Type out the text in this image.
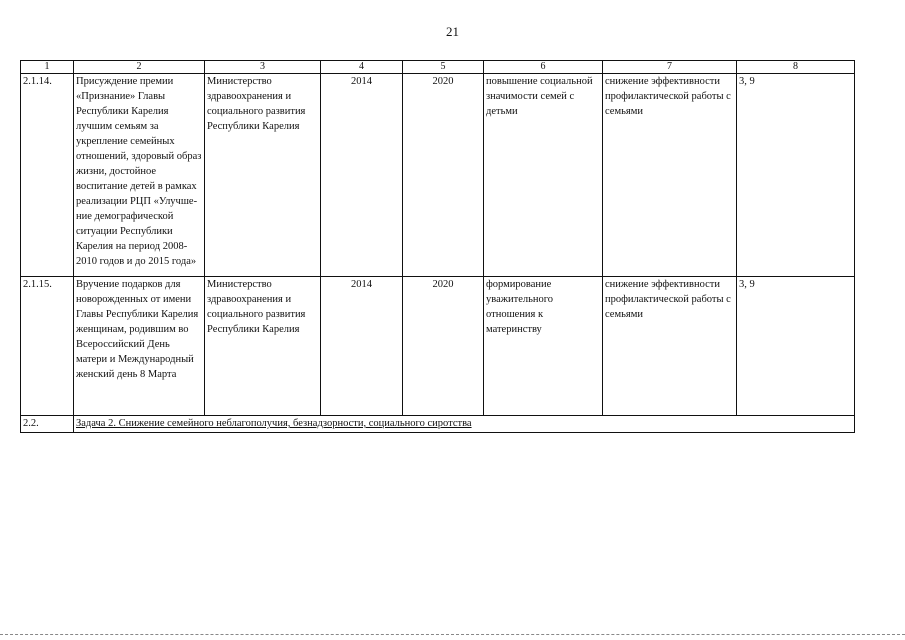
21
1	2	3	4	5	6	7	8
2.1.14.	Присуждение премии «Признание» Главы Республики Карелия лучшим семьям за укрепление семейных отношений, здоровый образ жизни, достойное воспитание детей в рамках реализации РЦП «Улучше-ние демографической ситуации Республики Карелия на период 2008-2010 годов и до 2015 года»	Министерство здравоохранения и социального развития Республики Карелия	2014	2020	повышение социальной значимости семей с детьми	снижение эффективности профилактической работы с семьями	3, 9
2.1.15.	Вручение подарков для новорожденных от имени Главы Республики Карелия женщинам, родившим во Всероссийский День матери и Международный женский день 8 Марта	Министерство здравоохранения и социального развития Республики Карелия	2014	2020	формирование уважительного отношения к материнству	снижение эффективности профилактической работы с семьями	3, 9
2.2.	Задача 2. Снижение семейного неблагополучия, безнадзорности, социального сиротства						
